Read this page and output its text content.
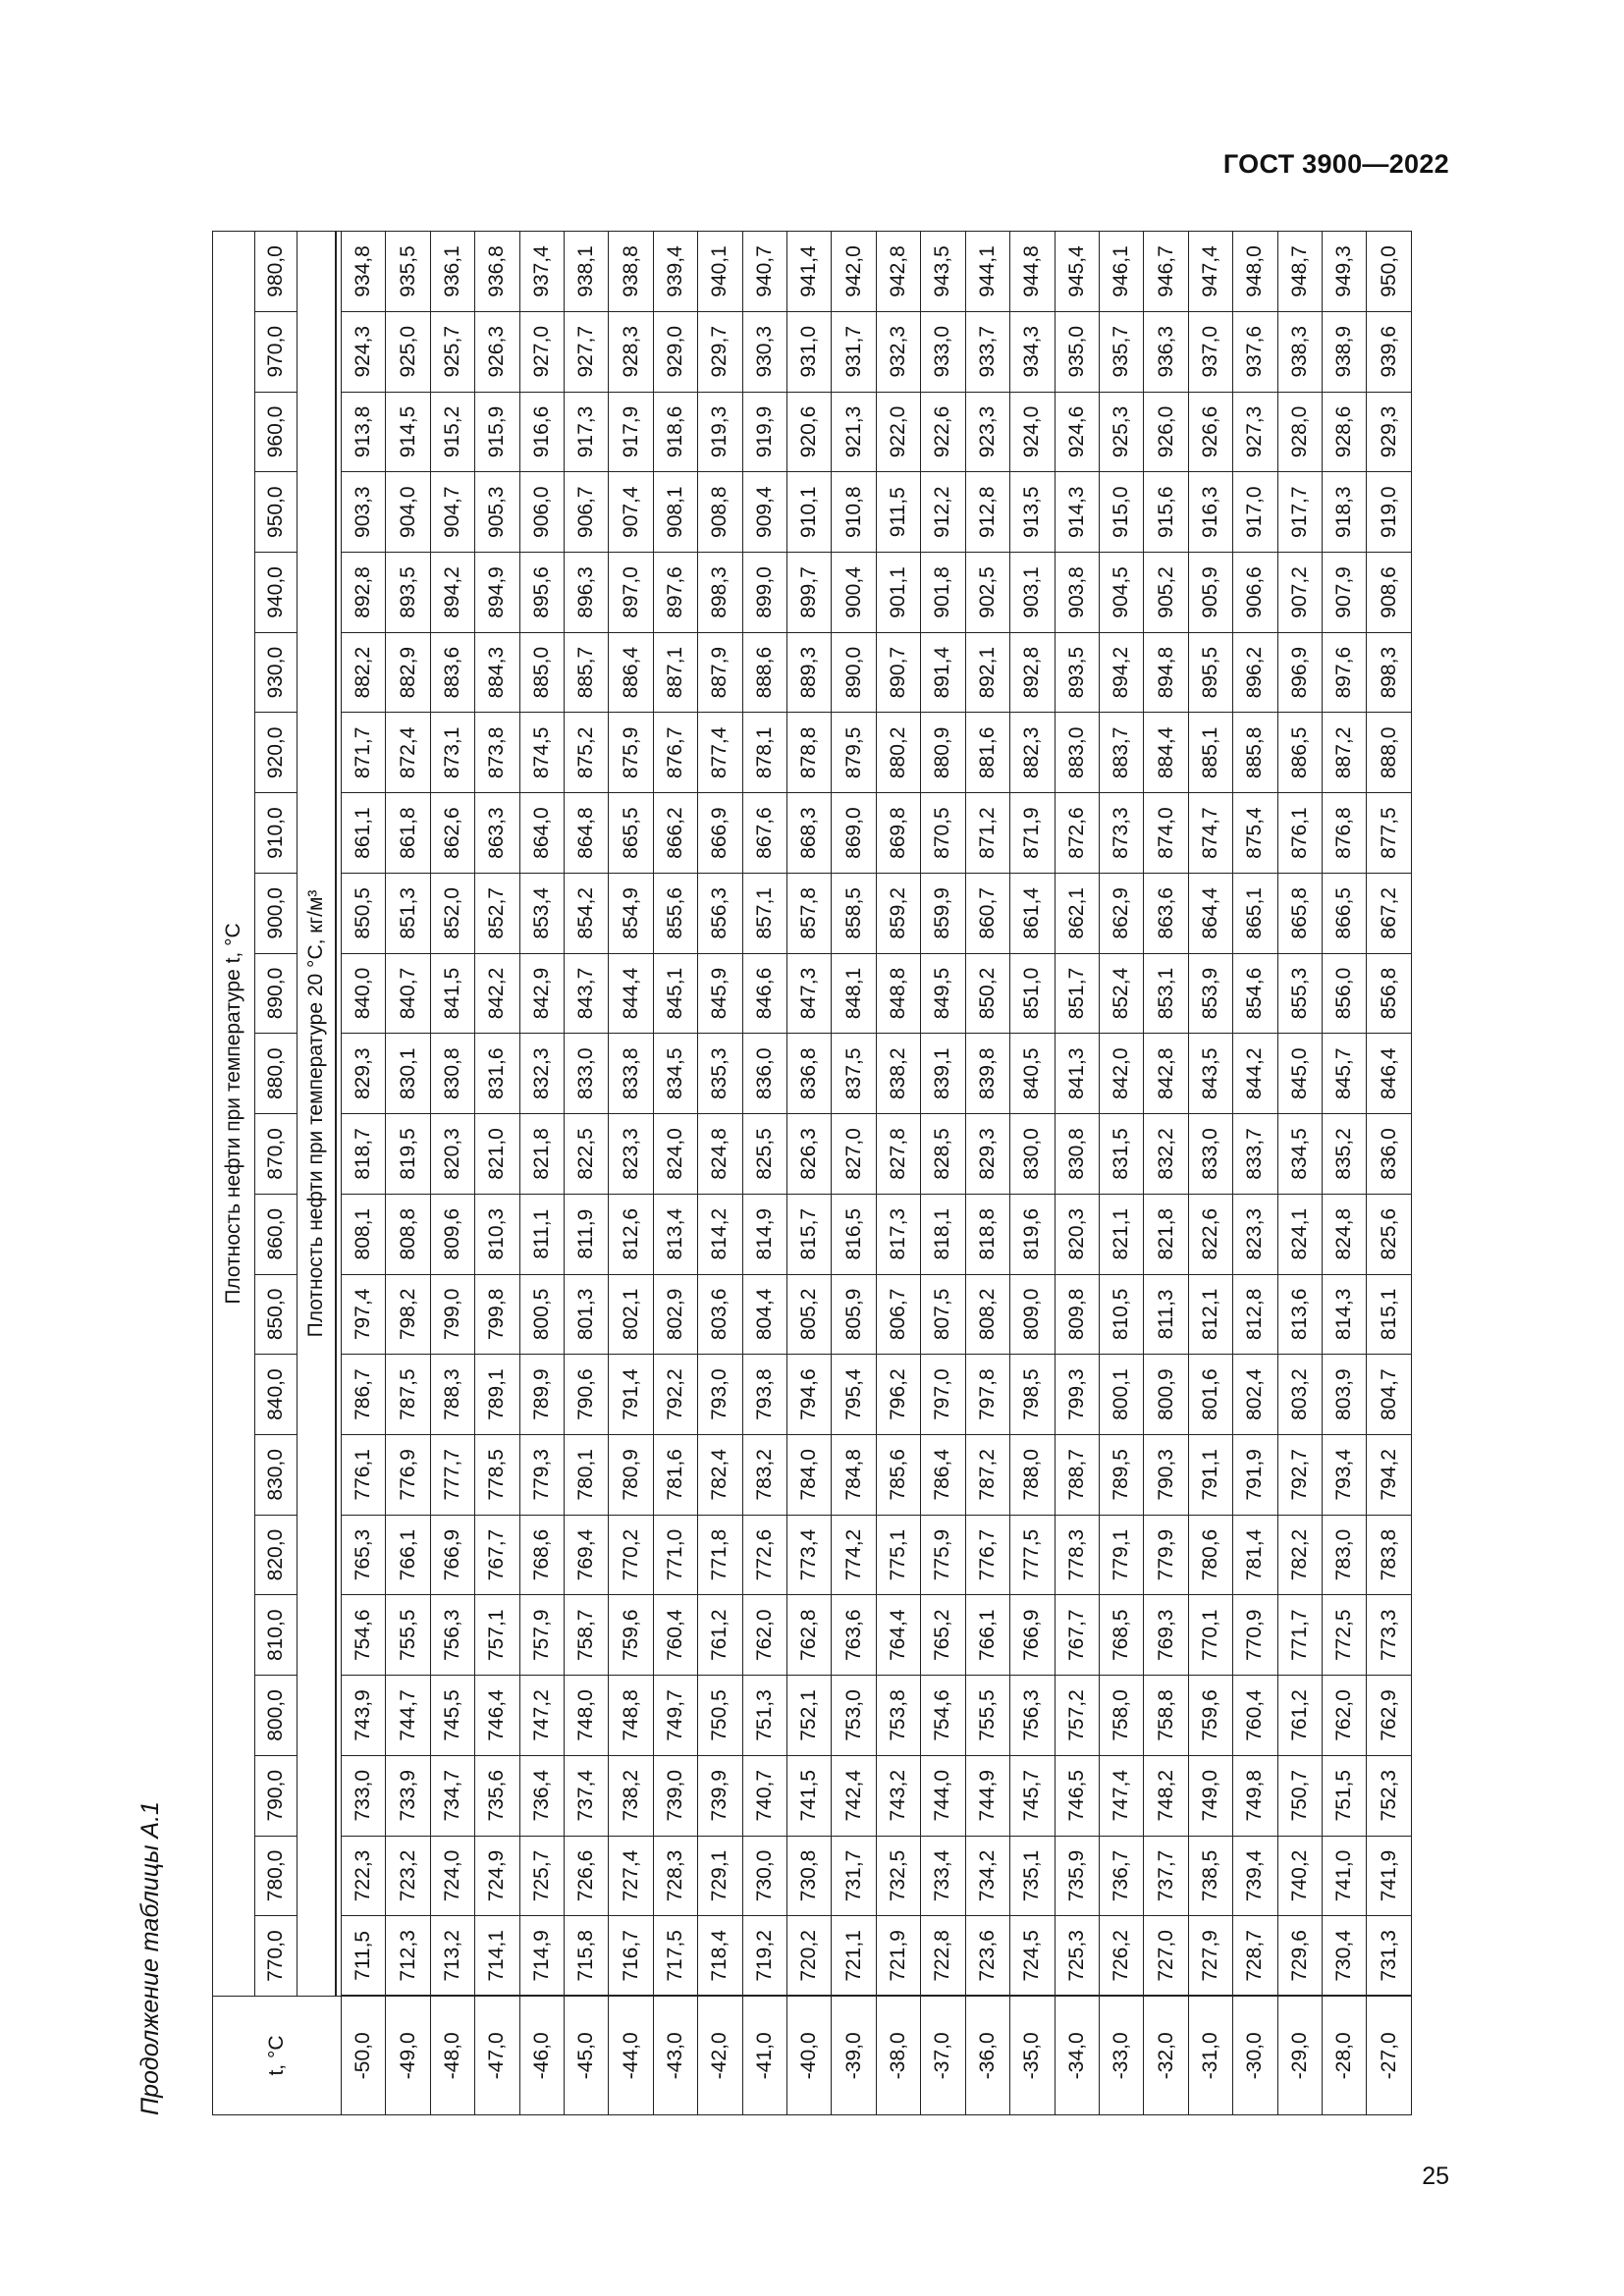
ГОСТ 3900—2022
Продолжение таблицы А.1	t, °C	Плотность нефти при температуре t, °С																					
	770,0	780,0	790,0	800,0	810,0	820,0	830,0	840,0	850,0	860,0	870,0	880,0	890,0	900,0	910,0	920,0	930,0	940,0	950,0	960,0	970,0	980,0
	Плотность нефти при температуре 20 °С, кг/м³																					

-50,0	711,5	722,3	733,0	743,9	754,6	765,3	776,1	786,7	797,4	808,1	818,7	829,3	840,0	850,5	861,1	871,7	882,2	892,8	903,3	913,8	924,3	934,8
-49,0	712,3	723,2	733,9	744,7	755,5	766,1	776,9	787,5	798,2	808,8	819,5	830,1	840,7	851,3	861,8	872,4	882,9	893,5	904,0	914,5	925,0	935,5
-48,0	713,2	724,0	734,7	745,5	756,3	766,9	777,7	788,3	799,0	809,6	820,3	830,8	841,5	852,0	862,6	873,1	883,6	894,2	904,7	915,2	925,7	936,1
-47,0	714,1	724,9	735,6	746,4	757,1	767,7	778,5	789,1	799,8	810,3	821,0	831,6	842,2	852,7	863,3	873,8	884,3	894,9	905,3	915,9	926,3	936,8
-46,0	714,9	725,7	736,4	747,2	757,9	768,6	779,3	789,9	800,5	811,1	821,8	832,3	842,9	853,4	864,0	874,5	885,0	895,6	906,0	916,6	927,0	937,4
-45,0	715,8	726,6	737,4	748,0	758,7	769,4	780,1	790,6	801,3	811,9	822,5	833,0	843,7	854,2	864,8	875,2	885,7	896,3	906,7	917,3	927,7	938,1
-44,0	716,7	727,4	738,2	748,8	759,6	770,2	780,9	791,4	802,1	812,6	823,3	833,8	844,4	854,9	865,5	875,9	886,4	897,0	907,4	917,9	928,3	938,8
-43,0	717,5	728,3	739,0	749,7	760,4	771,0	781,6	792,2	802,9	813,4	824,0	834,5	845,1	855,6	866,2	876,7	887,1	897,6	908,1	918,6	929,0	939,4
-42,0	718,4	729,1	739,9	750,5	761,2	771,8	782,4	793,0	803,6	814,2	824,8	835,3	845,9	856,3	866,9	877,4	887,9	898,3	908,8	919,3	929,7	940,1
-41,0	719,2	730,0	740,7	751,3	762,0	772,6	783,2	793,8	804,4	814,9	825,5	836,0	846,6	857,1	867,6	878,1	888,6	899,0	909,4	919,9	930,3	940,7
-40,0	720,2	730,8	741,5	752,1	762,8	773,4	784,0	794,6	805,2	815,7	826,3	836,8	847,3	857,8	868,3	878,8	889,3	899,7	910,1	920,6	931,0	941,4
-39,0	721,1	731,7	742,4	753,0	763,6	774,2	784,8	795,4	805,9	816,5	827,0	837,5	848,1	858,5	869,0	879,5	890,0	900,4	910,8	921,3	931,7	942,0
-38,0	721,9	732,5	743,2	753,8	764,4	775,1	785,6	796,2	806,7	817,3	827,8	838,2	848,8	859,2	869,8	880,2	890,7	901,1	911,5	922,0	932,3	942,8
-37,0	722,8	733,4	744,0	754,6	765,2	775,9	786,4	797,0	807,5	818,1	828,5	839,1	849,5	859,9	870,5	880,9	891,4	901,8	912,2	922,6	933,0	943,5
-36,0	723,6	734,2	744,9	755,5	766,1	776,7	787,2	797,8	808,2	818,8	829,3	839,8	850,2	860,7	871,2	881,6	892,1	902,5	912,8	923,3	933,7	944,1
-35,0	724,5	735,1	745,7	756,3	766,9	777,5	788,0	798,5	809,0	819,6	830,0	840,5	851,0	861,4	871,9	882,3	892,8	903,1	913,5	924,0	934,3	944,8
-34,0	725,3	735,9	746,5	757,2	767,7	778,3	788,7	799,3	809,8	820,3	830,8	841,3	851,7	862,1	872,6	883,0	893,5	903,8	914,3	924,6	935,0	945,4
-33,0	726,2	736,7	747,4	758,0	768,5	779,1	789,5	800,1	810,5	821,1	831,5	842,0	852,4	862,9	873,3	883,7	894,2	904,5	915,0	925,3	935,7	946,1
-32,0	727,0	737,7	748,2	758,8	769,3	779,9	790,3	800,9	811,3	821,8	832,2	842,8	853,1	863,6	874,0	884,4	894,8	905,2	915,6	926,0	936,3	946,7
-31,0	727,9	738,5	749,0	759,6	770,1	780,6	791,1	801,6	812,1	822,6	833,0	843,5	853,9	864,4	874,7	885,1	895,5	905,9	916,3	926,6	937,0	947,4
-30,0	728,7	739,4	749,8	760,4	770,9	781,4	791,9	802,4	812,8	823,3	833,7	844,2	854,6	865,1	875,4	885,8	896,2	906,6	917,0	927,3	937,6	948,0
-29,0	729,6	740,2	750,7	761,2	771,7	782,2	792,7	803,2	813,6	824,1	834,5	845,0	855,3	865,8	876,1	886,5	896,9	907,2	917,7	928,0	938,3	948,7
-28,0	730,4	741,0	751,5	762,0	772,5	783,0	793,4	803,9	814,3	824,8	835,2	845,7	856,0	866,5	876,8	887,2	897,6	907,9	918,3	928,6	938,9	949,3
-27,0	731,3	741,9	752,3	762,9	773,3	783,8	794,2	804,7	815,1	825,6	836,0	846,4	856,8	867,2	877,5	888,0	898,3	908,6	919,0	929,3	939,6	950,0
25
